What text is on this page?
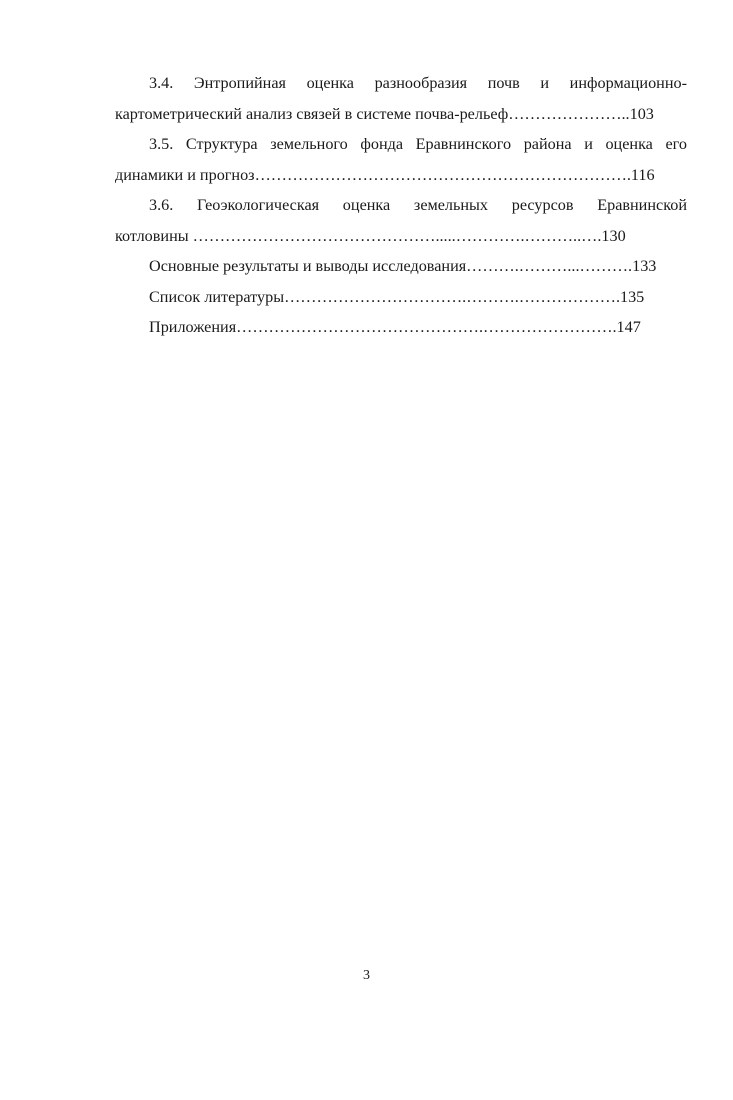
3.4. Энтропийная оценка разнообразия почв и информационно-
картометрический анализ связей в системе почва-рельеф…………………..103
3.5. Структура земельного фонда Еравнинского района и оценка его
динамики и прогноз…………………………………………………………….116
3.6. Геоэкологическая оценка земельных ресурсов Еравнинской
котловины ……………………………………….....………….………..….130

Основные результаты и выводы исследования……….………...……….133

Список литературы…………………………….……….……………….135

Приложения……………………………………….…………………….147

3
